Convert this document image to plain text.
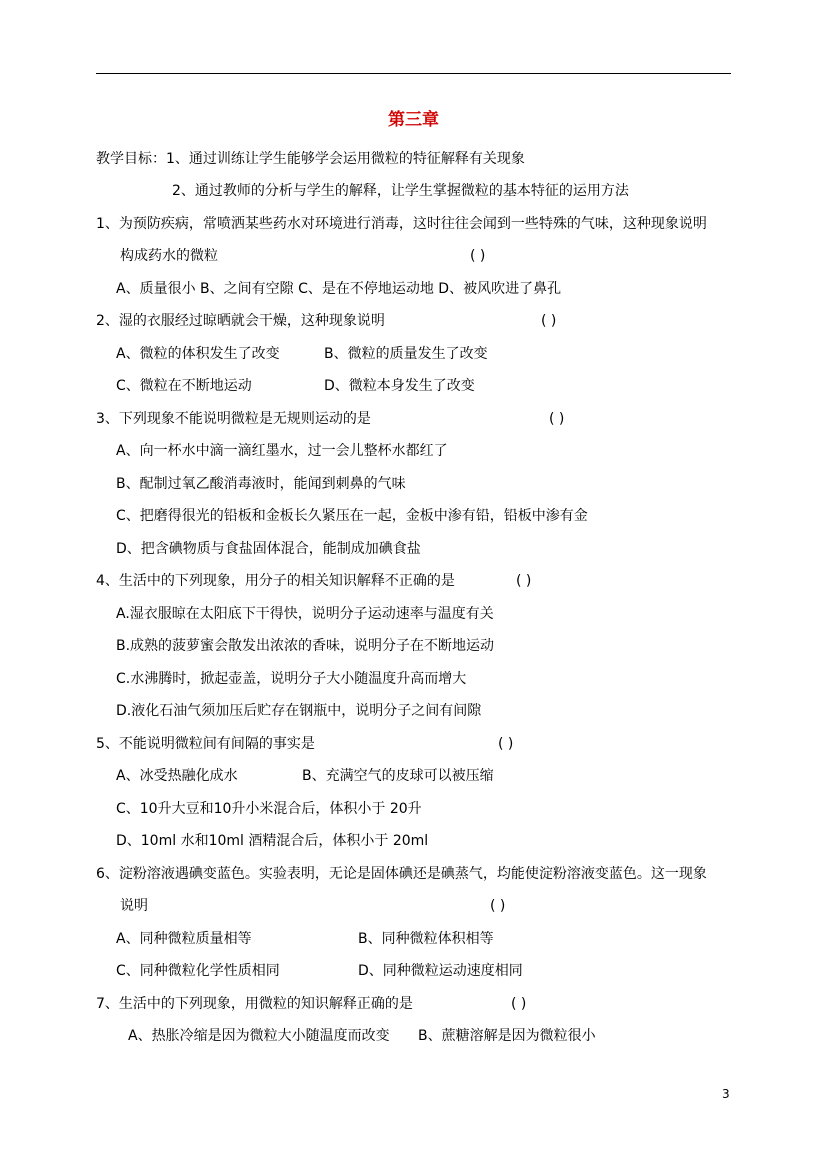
第三章
教学目标：1、通过训练让学生能够学会运用微粒的特征解释有关现象
2、通过教师的分析与学生的解释，让学生掌握微粒的基本特征的运用方法
1、为预防疾病，常喷洒某些药水对环境进行消毒，这时往往会闻到一些特殊的气味，这种现象说明
构成药水的微粒	( )
A、质量很小 B、之间有空隙 C、是在不停地运动地 D、被风吹进了鼻孔
2、湿的衣服经过晾晒就会干燥，这种现象说明	( )
A、微粒的体积发生了改变	B、微粒的质量发生了改变
C、微粒在不断地运动	D、微粒本身发生了改变
3、下列现象不能说明微粒是无规则运动的是	( )
A、向一杯水中滴一滴红墨水，过一会儿整杯水都红了
B、配制过氧乙酸消毒液时，能闻到刺鼻的气味
C、把磨得很光的铅板和金板长久紧压在一起，金板中渗有铅，铅板中渗有金
D、把含碘物质与食盐固体混合，能制成加碘食盐
4、生活中的下列现象，用分子的相关知识解释不正确的是	( )
A.湿衣服晾在太阳底下干得快，说明分子运动速率与温度有关
B.成熟的菠萝蜜会散发出浓浓的香味，说明分子在不断地运动
C.水沸腾时，掀起壶盖，说明分子大小随温度升高而增大
D.液化石油气须加压后贮存在钢瓶中，说明分子之间有间隙
5、不能说明微粒间有间隔的事实是	( )
A、冰受热融化成水	B、充满空气的皮球可以被压缩
C、10升大豆和10升小米混合后，体积小于 20升
D、10ml 水和10ml 酒精混合后，体积小于 20ml
6、淀粉溶液遇碘变蓝色。实验表明，无论是固体碘还是碘蒸气，均能使淀粉溶液变蓝色。这一现象
说明	( )
A、同种微粒质量相等	B、同种微粒体积相等
C、同种微粒化学性质相同	D、同种微粒运动速度相同
7、生活中的下列现象，用微粒的知识解释正确的是	( )
A、热胀冷缩是因为微粒大小随温度而改变 B、蔗糖溶解是因为微粒很小
3
